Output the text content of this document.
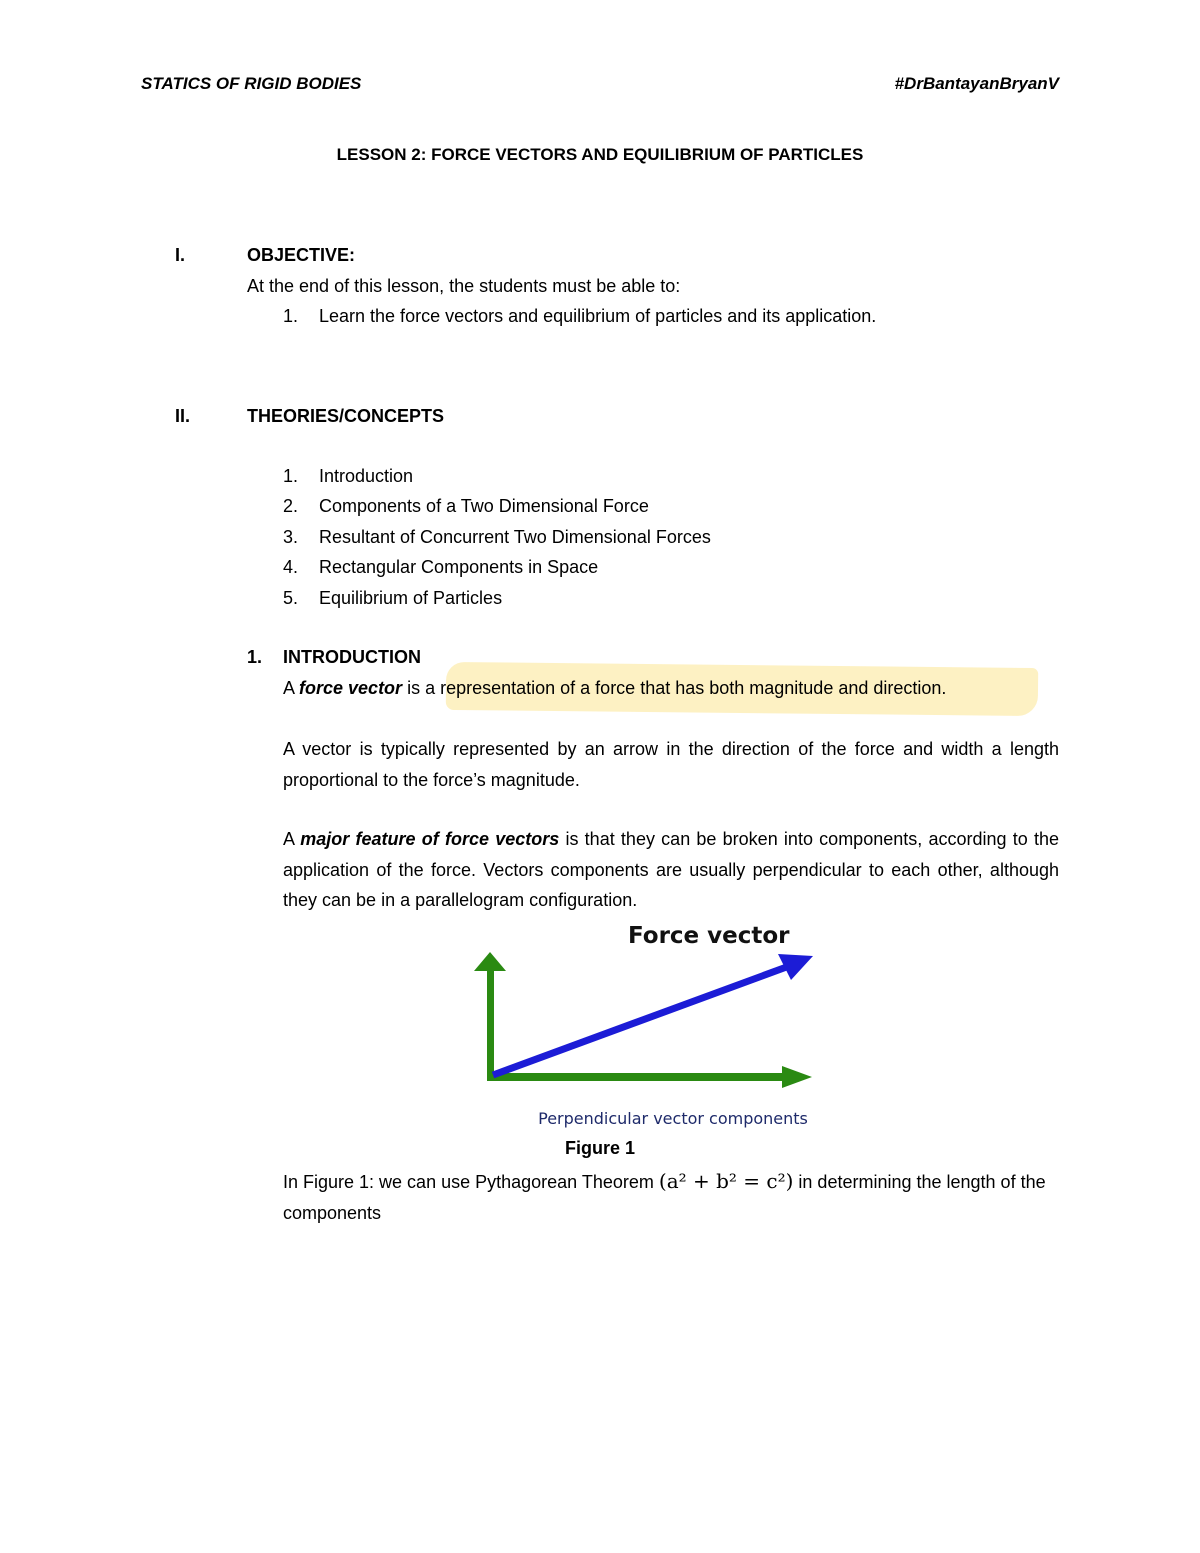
STATICS OF RIGID BODIES	#DrBantayanBryanV
LESSON 2: FORCE VECTORS AND EQUILIBRIUM OF PARTICLES
I.	OBJECTIVE:
At the end of this lesson, the students must be able to:
1. Learn the force vectors and equilibrium of particles and its application.
II.	THEORIES/CONCEPTS
1. Introduction
2. Components of a Two Dimensional Force
3. Resultant of Concurrent Two Dimensional Forces
4. Rectangular Components in Space
5. Equilibrium of Particles
1. INTRODUCTION
A force vector is a representation of a force that has both magnitude and direction.
A vector is typically represented by an arrow in the direction of the force and width a length proportional to the force’s magnitude.
A major feature of force vectors is that they can be broken into components, according to the application of the force. Vectors components are usually perpendicular to each other, although they can be in a parallelogram configuration.
Force vector
Perpendicular vector components
Figure 1
In Figure 1: we can use Pythagorean Theorem (a² + b² = c²) in determining the length of the components
